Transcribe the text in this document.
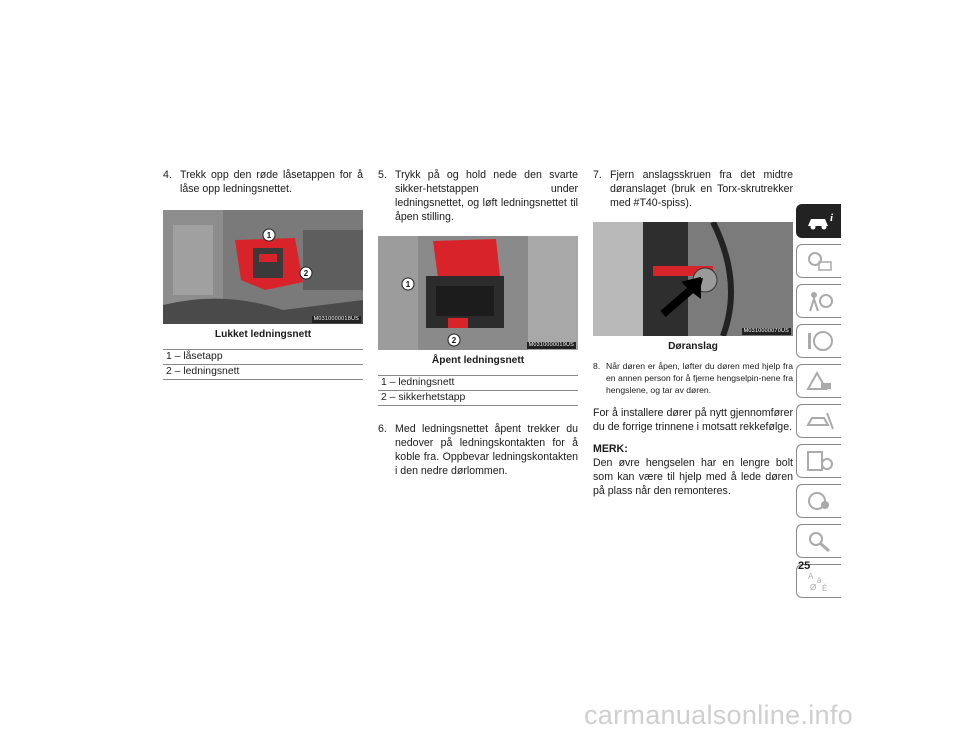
4. Trekk opp den røde låsetappen for å låse opp ledningsnettet.
1
2
M0310000018US
Lukket ledningsnett
1 – låsetapp
2 – ledningsnett
5. Trykk på og hold nede den svarte sikker-hetstappen under ledningsnettet, og løft ledningsnettet til åpen stilling.
1
2	M0310000019US
Åpent ledningsnett
1 – ledningsnett
2 – sikkerhetstapp
6. Med ledningsnettet åpent trekker du nedover på ledningskontakten for å koble fra. Oppbevar ledningskontakten i den nedre dørlommen.
7. Fjern anslagsskruen fra det midtre døranslaget (bruk en Torx-skrutrekker med #T40-spiss).
M0310000070US
Døranslag
8. Når døren er åpen, løfter du døren med hjelp fra en annen person for å fjerne hengselpin-nene fra hengslene, og tar av døren.
For å installere dører på nytt gjennomfører du de forrige trinnene i motsatt rekkefølge.
MERK:
Den øvre hengselen har en lengre bolt som kan være til hjelp med å lede døren på plass når den remonteres.
i
A ä
Ø É
25
carmanualsonline.info
